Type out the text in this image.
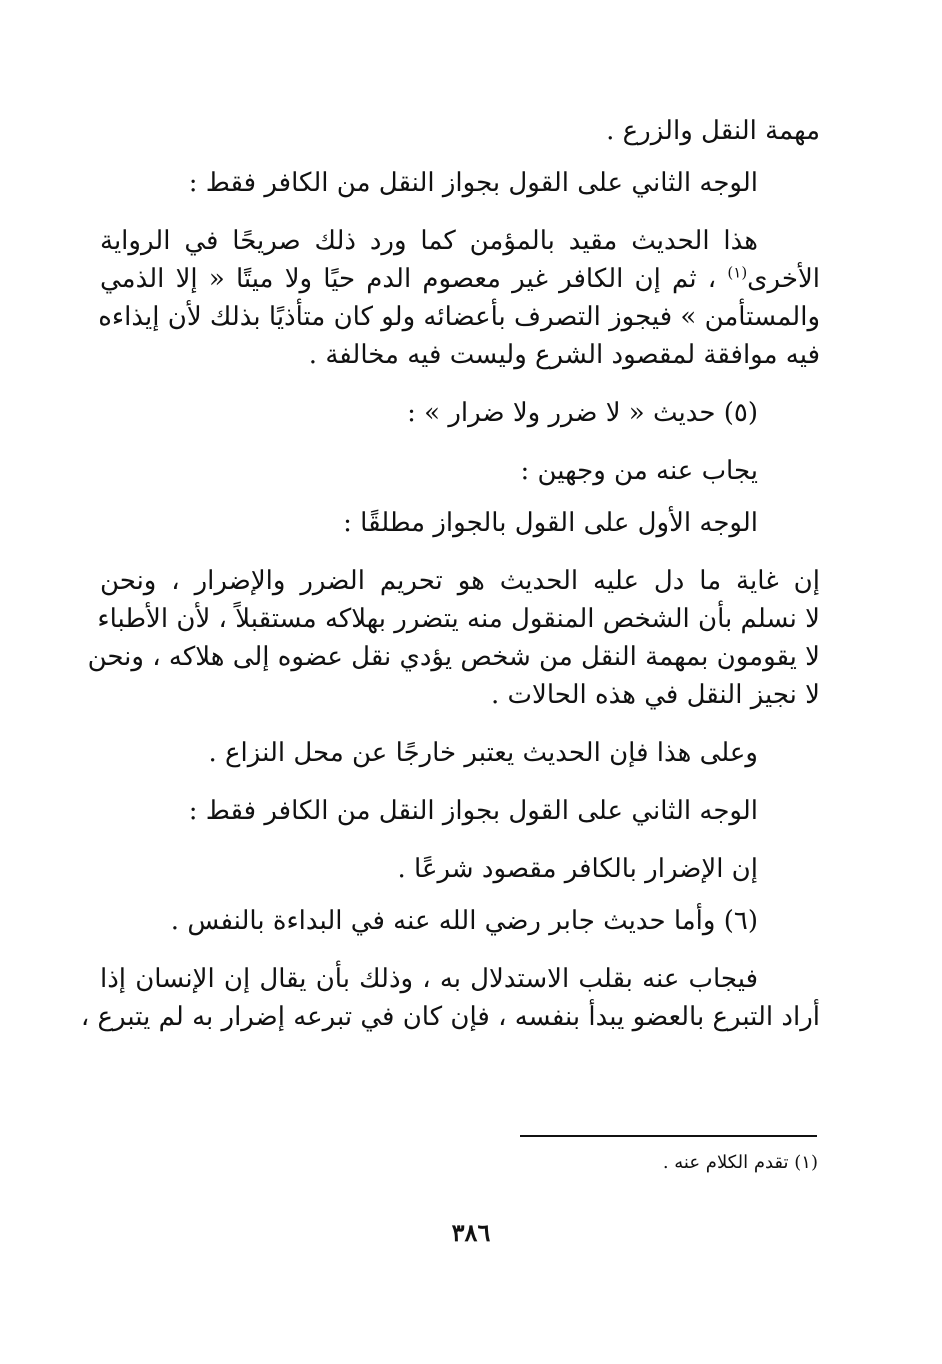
مهمة النقل والزرع .

الوجه الثاني على القول بجواز النقل من الكافر فقط :

هذا الحديث مقيد بالمؤمن كما ورد ذلك صريحًا في الرواية

الأخرى$^{(١)}$ ، ثم إن الكافر غير معصوم الدم حيًا ولا ميتًا « إلا الذمي

والمستأمن » فيجوز التصرف بأعضائه ولو كان متأذيًا بذلك لأن إيذاءه

فيه موافقة لمقصود الشرع وليست فيه مخالفة .

(٥) حديث « لا ضرر ولا ضرار » :

يجاب عنه من وجهين :

الوجه الأول على القول بالجواز مطلقًا :

إن غاية ما دل عليه الحديث هو تحريم الضرر والإضرار ، ونحن

لا نسلم بأن الشخص المنقول منه يتضرر بهلاكه مستقبلاً ، لأن الأطباء

لا يقومون بمهمة النقل من شخص يؤدي نقل عضوه إلى هلاكه ، ونحن

لا نجيز النقل في هذه الحالات .

وعلى هذا فإن الحديث يعتبر خارجًا عن محل النزاع .

الوجه الثاني على القول بجواز النقل من الكافر فقط :

إن الإضرار بالكافر مقصود شرعًا .

(٦) وأما حديث جابر رضي الله عنه في البداءة بالنفس .

فيجاب عنه بقلب الاستدلال به ، وذلك بأن يقال إن الإنسان إذا

أراد التبرع بالعضو يبدأ بنفسه ، فإن كان في تبرعه إضرار به لم يتبرع ،

(١) تقدم الكلام عنه .
٣٨٦
